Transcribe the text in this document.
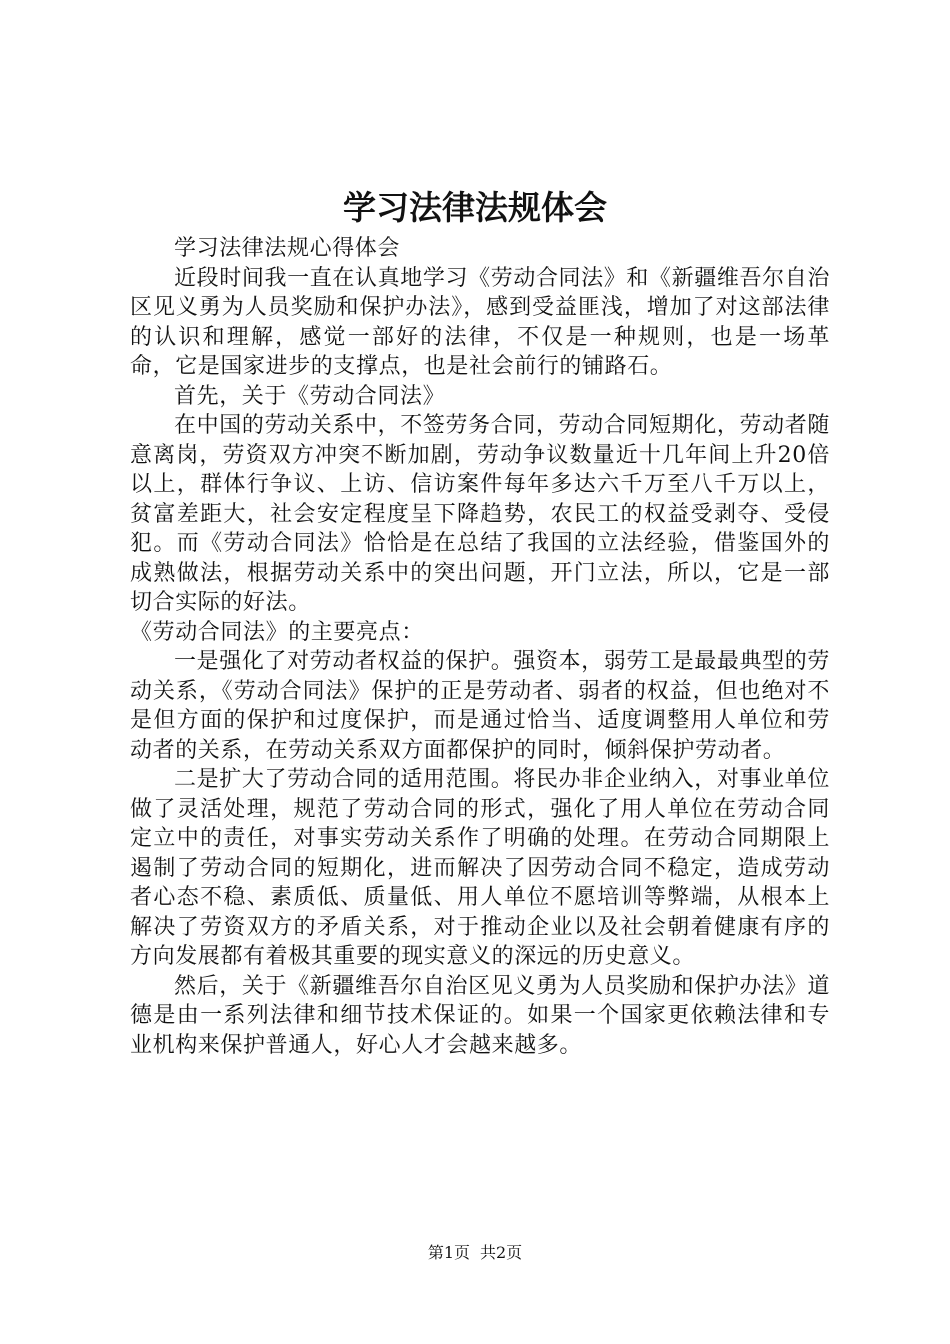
学习法律法规体会

学习法律法规心得体会

近段时间我一直在认真地学习《劳动合同法》和《新疆维吾尔自治区见义勇为人员奖励和保护办法》，感到受益匪浅，增加了对这部法律的认识和理解，感觉一部好的法律，不仅是一种规则，也是一场革命，它是国家进步的支撑点，也是社会前行的铺路石。

首先，关于《劳动合同法》

在中国的劳动关系中，不签劳务合同，劳动合同短期化，劳动者随意离岗，劳资双方冲突不断加剧，劳动争议数量近十几年间上升20倍以上，群体行争议、上访、信访案件每年多达六千万至八千万以上，贫富差距大，社会安定程度呈下降趋势，农民工的权益受剥夺、受侵犯。而《劳动合同法》恰恰是在总结了我国的立法经验，借鉴国外的成熟做法，根据劳动关系中的突出问题，开门立法，所以，它是一部切合实际的好法。

《劳动合同法》的主要亮点：

一是强化了对劳动者权益的保护。强资本，弱劳工是最最典型的劳动关系，《劳动合同法》保护的正是劳动者、弱者的权益，但也绝对不是但方面的保护和过度保护，而是通过恰当、适度调整用人单位和劳动者的关系，在劳动关系双方面都保护的同时，倾斜保护劳动者。

二是扩大了劳动合同的适用范围。将民办非企业纳入，对事业单位做了灵活处理，规范了劳动合同的形式，强化了用人单位在劳动合同定立中的责任，对事实劳动关系作了明确的处理。在劳动合同期限上遏制了劳动合同的短期化，进而解决了因劳动合同不稳定，造成劳动者心态不稳、素质低、质量低、用人单位不愿培训等弊端，从根本上解决了劳资双方的矛盾关系，对于推动企业以及社会朝着健康有序的方向发展都有着极其重要的现实意义的深远的历史意义。

然后，关于《新疆维吾尔自治区见义勇为人员奖励和保护办法》道德是由一系列法律和细节技术保证的。如果一个国家更依赖法律和专业机构来保护普通人，好心人才会越来越多。

第1页 共2页
